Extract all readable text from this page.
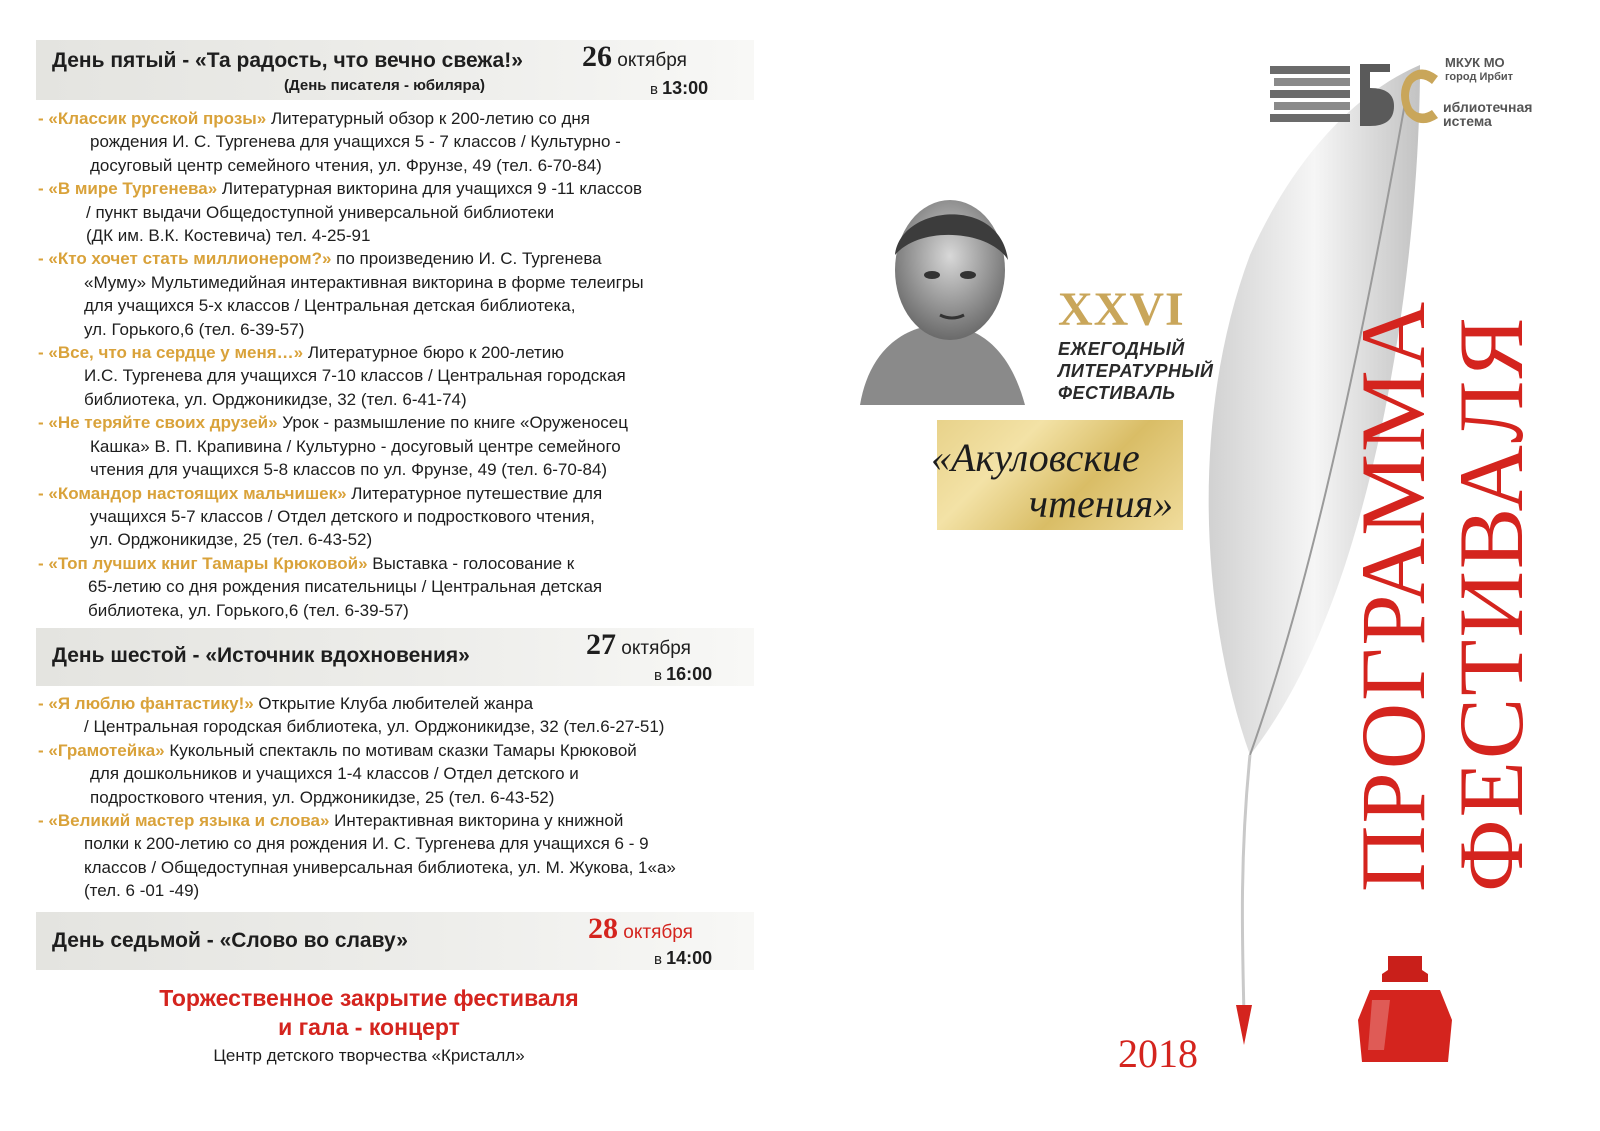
День пятый - «Та радость, что вечно свежа!»
(День писателя - юбиляра)
26 октября
в 13:00
- «Классик русской прозы» Литературный обзор к 200-летию со дня
рождения И. С. Тургенева для учащихся 5 - 7 классов / Культурно -
досуговый центр семейного чтения, ул. Фрунзе, 49 (тел. 6-70-84)
- «В мире Тургенева» Литературная викторина для учащихся 9 -11 классов
/ пункт выдачи Общедоступной универсальной библиотеки
(ДК им. В.К. Костевича) тел. 4-25-91
- «Кто хочет стать миллионером?» по произведению И. С. Тургенева
«Муму» Мультимедийная интерактивная викторина в форме телеигры
для учащихся 5-х классов / Центральная детская библиотека,
ул. Горького,6 (тел. 6-39-57)
- «Все, что на сердце у меня…» Литературное бюро к 200-летию
И.С. Тургенева для учащихся 7-10 классов / Центральная городская
библиотека, ул. Орджоникидзе, 32 (тел. 6-41-74)
- «Не теряйте своих друзей» Урок - размышление по книге «Оруженосец
Кашка» В. П. Крапивина / Культурно - досуговый центре семейного
чтения для учащихся 5-8 классов по ул. Фрунзе, 49 (тел. 6-70-84)
- «Командор настоящих мальчишек» Литературное путешествие для
учащихся 5-7 классов / Отдел детского и подросткового чтения,
ул. Орджоникидзе, 25 (тел. 6-43-52)
- «Топ лучших книг Тамары Крюковой» Выставка - голосование к
65-летию со дня рождения писательницы / Центральная детская
библиотека, ул. Горького,6 (тел. 6-39-57)
День шестой - «Источник вдохновения»	27 октября
в 16:00
- «Я люблю фантастику!» Открытие Клуба любителей жанра
/ Центральная городская библиотека, ул. Орджоникидзе, 32 (тел.6-27-51)
- «Грамотейка» Кукольный спектакль по мотивам сказки Тамары Крюковой
для дошкольников и учащихся 1-4 классов / Отдел детского и
подросткового чтения, ул. Орджоникидзе, 25 (тел. 6-43-52)
- «Великий мастер языка и слова» Интерактивная викторина у книжной
полки к 200-летию со дня рождения И. С. Тургенева для учащихся 6 - 9
классов / Общедоступная универсальная библиотека, ул. М. Жукова, 1«а»
(тел. 6 -01 -49)
День седьмой - «Слово во славу»	28 октября
в 14:00
Торжественное закрытие фестиваля
и гала - концерт
Центр детского творчества «Кристалл»
XXVI
ЕЖЕГОДНЫЙ
ЛИТЕРАТУРНЫЙ
ФЕСТИВАЛЬ
«Акуловские
чтения» ПРОГРАММА
ФЕСТИВАЛЯ
2018
МКУК МО
город Ирбит
иблиотечная
истема
